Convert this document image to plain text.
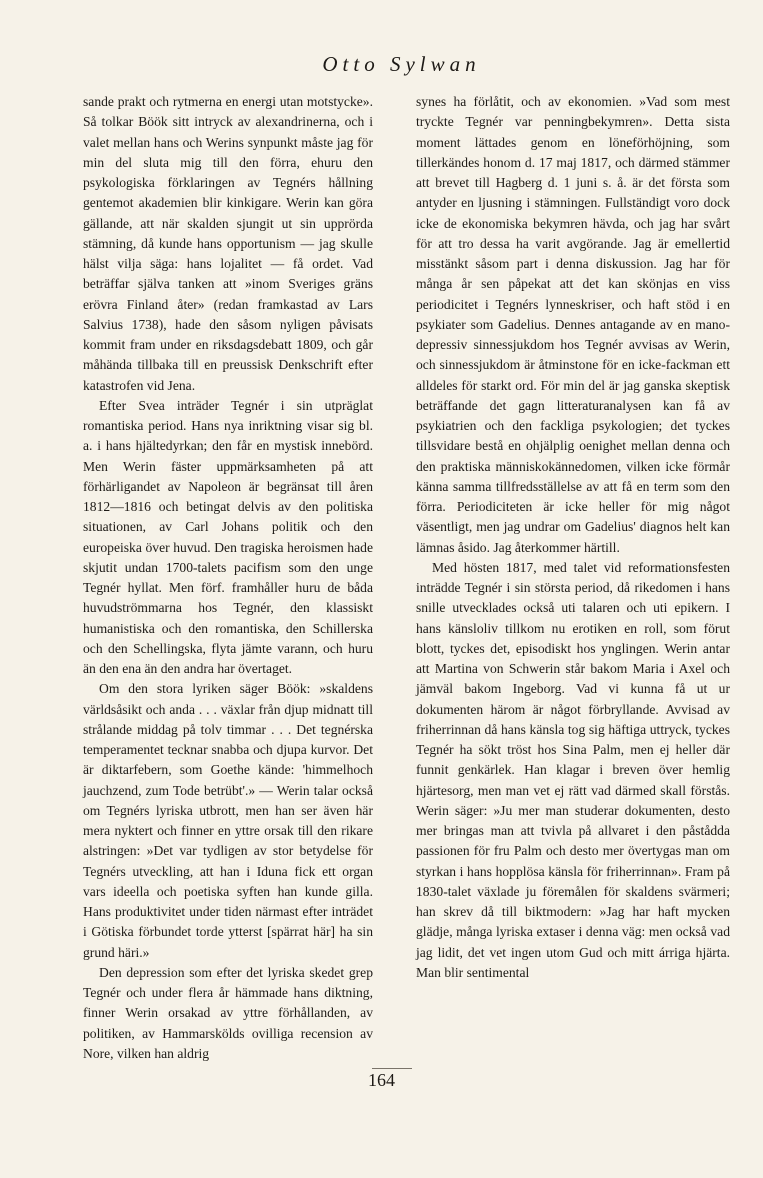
Otto Sylwan

sande prakt och rytmerna en energi utan motstycke». Så tolkar Böök sitt intryck av alexandrinerna, och i valet mellan hans och Werins synpunkt måste jag för min del sluta mig till den förra, ehuru den psykologiska förklaringen av Tegnérs hållning gentemot akademien blir kinkigare. Werin kan göra gällande, att när skalden sjungit ut sin upprörda stämning, då kunde hans opportunism — jag skulle hälst vilja säga: hans lojalitet — få ordet. Vad beträffar själva tanken att »inom Sveriges gräns erövra Finland åter» (redan framkastad av Lars Salvius 1738), hade den såsom nyligen påvisats kommit fram under en riksdagsdebatt 1809, och går måhända tillbaka till en preussisk Denkschrift efter katastrofen vid Jena.

Efter Svea inträder Tegnér i sin utpräglat romantiska period. Hans nya inriktning visar sig bl. a. i hans hjältedyrkan; den får en mystisk innebörd. Men Werin fäster uppmärksamheten på att förhärligandet av Napoleon är begränsat till åren 1812—1816 och betingat delvis av den politiska situationen, av Carl Johans politik och den europeiska över huvud. Den tragiska heroismen hade skjutit undan 1700-talets pacifism som den unge Tegnér hyllat. Men förf. framhåller huru de båda huvudströmmarna hos Tegnér, den klassiskt humanistiska och den romantiska, den Schillerska och den Schellingska, flyta jämte varann, och huru än den ena än den andra har övertaget.

Om den stora lyriken säger Böök: »skaldens världsåsikt och anda . . . växlar från djup midnatt till strålande middag på tolv timmar . . . Det tegnérska temperamentet tecknar snabba och djupa kurvor. Det är diktarfebern, som Goethe kände: 'himmelhoch jauchzend, zum Tode betrübt'.» — Werin talar också om Tegnérs lyriska utbrott, men han ser även här mera nyktert och finner en yttre orsak till den rikare alstringen: »Det var tydligen av stor betydelse för Tegnérs utveckling, att han i Iduna fick ett organ vars ideella och poetiska syften han kunde gilla. Hans produktivitet under tiden närmast efter inträdet i Götiska förbundet torde ytterst [spärrat här] ha sin grund häri.»

Den depression som efter det lyriska skedet grep Tegnér och under flera år hämmade hans diktning, finner Werin orsakad av yttre förhållanden, av politiken, av Hammarskölds ovilliga recension av Nore, vilken han aldrig

synes ha förlåtit, och av ekonomien. »Vad som mest tryckte Tegnér var penningbekymren». Detta sista moment lättades genom en löneförhöjning, som tillerkändes honom d. 17 maj 1817, och därmed stämmer att brevet till Hagberg d. 1 juni s. å. är det första som antyder en ljusning i stämningen. Fullständigt voro dock icke de ekonomiska bekymren hävda, och jag har svårt för att tro dessa ha varit avgörande. Jag är emellertid misstänkt såsom part i denna diskussion. Jag har för många år sen påpekat att det kan skönjas en viss periodicitet i Tegnérs lynneskriser, och haft stöd i en psykiater som Gadelius. Dennes antagande av en mano-depressiv sinnessjukdom hos Tegnér avvisas av Werin, och sinnessjukdom är åtminstone för en icke-fackman ett alldeles för starkt ord. För min del är jag ganska skeptisk beträffande det gagn litteraturanalysen kan få av psykiatrien och den fackliga psykologien; det tyckes tillsvidare bestå en ohjälplig oenighet mellan denna och den praktiska människokännedomen, vilken icke förmår känna samma tillfredsställelse av att få en term som den förra. Periodiciteten är icke heller för mig något väsentligt, men jag undrar om Gadelius' diagnos helt kan lämnas åsido. Jag återkommer härtill.

Med hösten 1817, med talet vid reformationsfesten inträdde Tegnér i sin största period, då rikedomen i hans snille utvecklades också uti talaren och uti epikern. I hans känsloliv tillkom nu erotiken en roll, som förut blott, tyckes det, episodiskt hos ynglingen. Werin antar att Martina von Schwerin står bakom Maria i Axel och jämväl bakom Ingeborg. Vad vi kunna få ut ur dokumenten härom är något förbryllande. Avvisad av friherrinnan då hans känsla tog sig häftiga uttryck, tyckes Tegnér ha sökt tröst hos Sina Palm, men ej heller där funnit genkärlek. Han klagar i breven över hemlig hjärtesorg, men man vet ej rätt vad därmed skall förstås. Werin säger: »Ju mer man studerar dokumenten, desto mer bringas man att tvivla på allvaret i den påstådda passionen för fru Palm och desto mer övertygas man om styrkan i hans hopplösa känsla för friherrinnan». Fram på 1830-talet växlade ju föremålen för skaldens svärmeri; han skrev då till biktmodern: »Jag har haft mycken glädje, många lyriska extaser i denna väg: men också vad jag lidit, det vet ingen utom Gud och mitt árriga hjärta. Man blir sentimental

164
